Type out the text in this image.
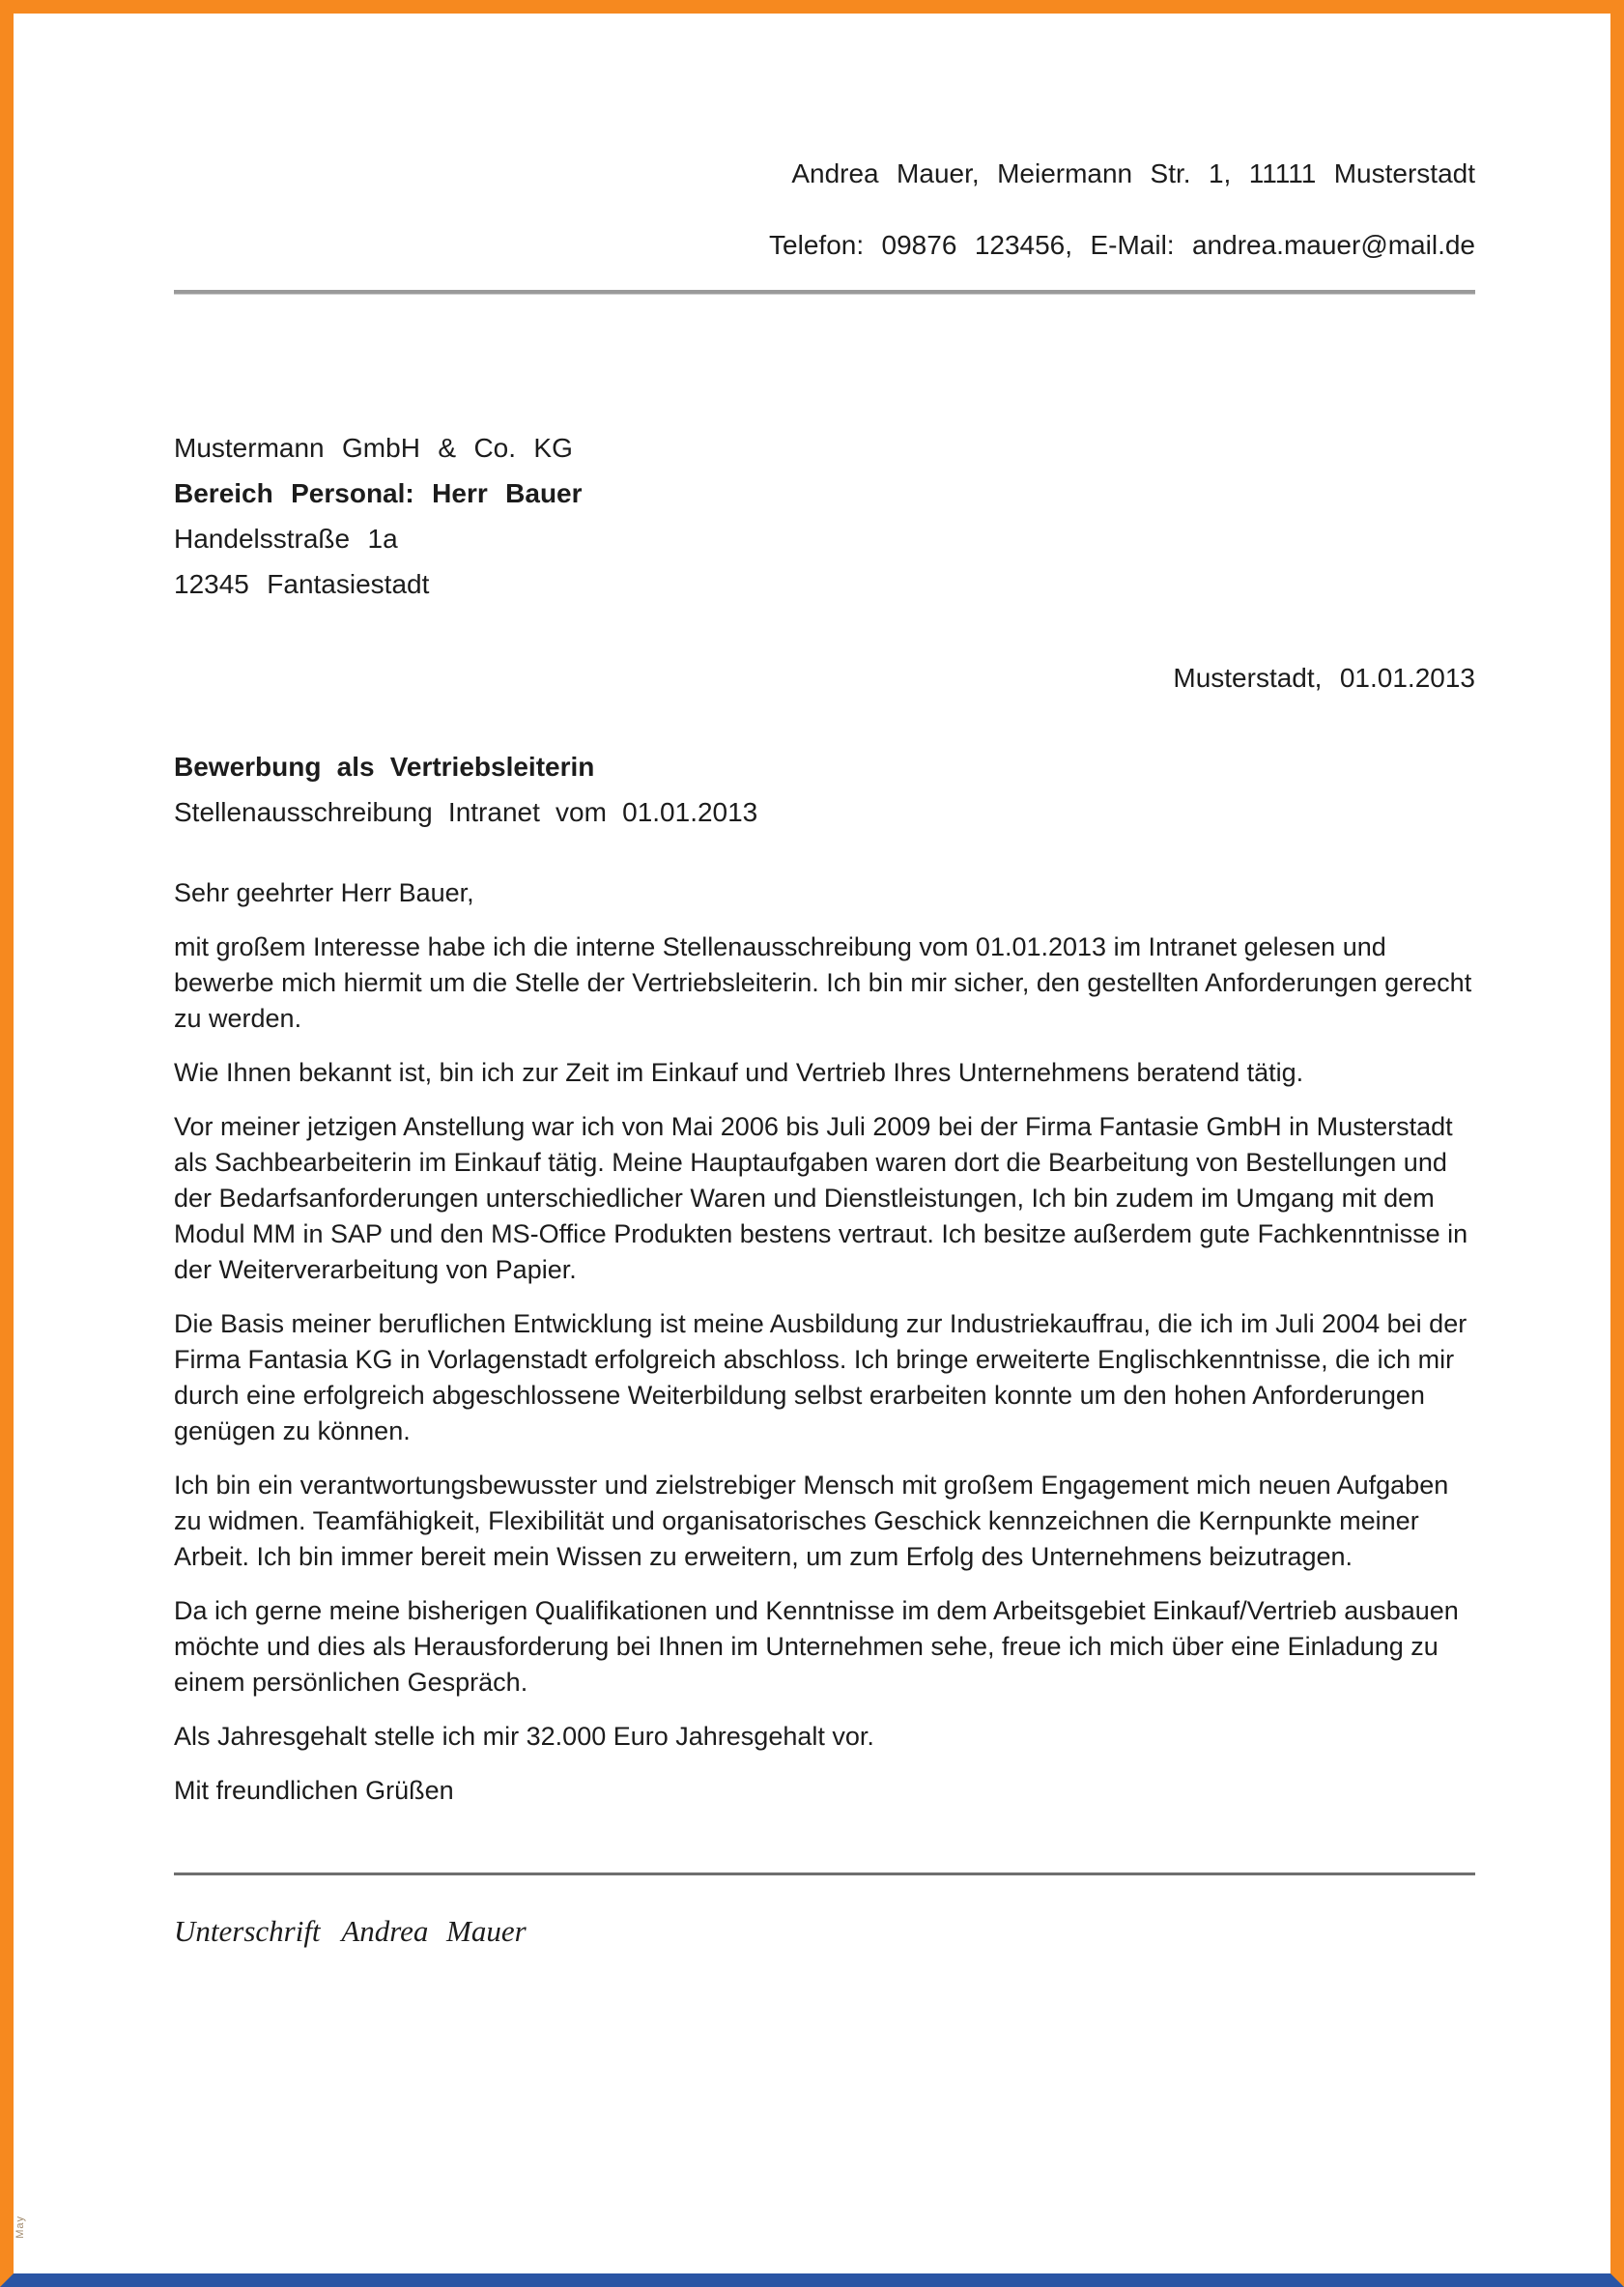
Andrea Mauer, Meiermann Str. 1, 11111 Musterstadt

Telefon: 09876 123456, E-Mail: andrea.mauer@mail.de

Mustermann GmbH & Co. KG

Bereich Personal: Herr Bauer

Handelsstraße 1a

12345 Fantasiestadt

Musterstadt, 01.01.2013

Bewerbung als Vertriebsleiterin

Stellenausschreibung Intranet vom 01.01.2013

Sehr geehrter Herr Bauer,

mit großem Interesse habe ich die interne Stellenausschreibung vom 01.01.2013 im Intranet gelesen und bewerbe mich hiermit um die Stelle der Vertriebsleiterin. Ich bin mir sicher, den gestellten Anforderungen gerecht zu werden.

Wie Ihnen bekannt ist, bin ich zur Zeit im Einkauf und Vertrieb Ihres Unternehmens beratend tätig.

Vor meiner jetzigen Anstellung war ich von Mai 2006 bis Juli 2009 bei der Firma Fantasie GmbH in Musterstadt als Sachbearbeiterin im Einkauf tätig. Meine Hauptaufgaben waren dort die Bearbeitung von Bestellungen und der Bedarfsanforderungen unterschiedlicher Waren und Dienstleistungen, Ich bin zudem im Umgang mit dem Modul MM in SAP und den MS-Office Produkten bestens vertraut. Ich besitze außerdem gute Fachkenntnisse in der Weiterverarbeitung von Papier.

Die Basis meiner beruflichen Entwicklung ist meine Ausbildung zur Industriekauffrau, die ich im Juli 2004 bei der Firma Fantasia KG in Vorlagenstadt erfolgreich abschloss. Ich bringe erweiterte Englischkenntnisse, die ich mir durch eine erfolgreich abgeschlossene Weiterbildung selbst erarbeiten konnte um den hohen Anforderungen genügen zu können.

Ich bin ein verantwortungsbewusster und zielstrebiger Mensch mit großem Engagement mich neuen Aufgaben zu widmen. Teamfähigkeit, Flexibilität und organisatorisches Geschick kennzeichnen die Kernpunkte meiner Arbeit. Ich bin immer bereit mein Wissen zu erweitern, um zum Erfolg des Unternehmens beizutragen.

Da ich gerne meine bisherigen Qualifikationen und Kenntnisse im dem Arbeitsgebiet Einkauf/Vertrieb ausbauen möchte und dies als Herausforderung bei Ihnen im Unternehmen sehe, freue ich mich über eine Einladung zu einem persönlichen Gespräch.

Als Jahresgehalt stelle ich mir 32.000 Euro Jahresgehalt vor.

Mit freundlichen Grüßen

Unterschrift Andrea Mauer

May
